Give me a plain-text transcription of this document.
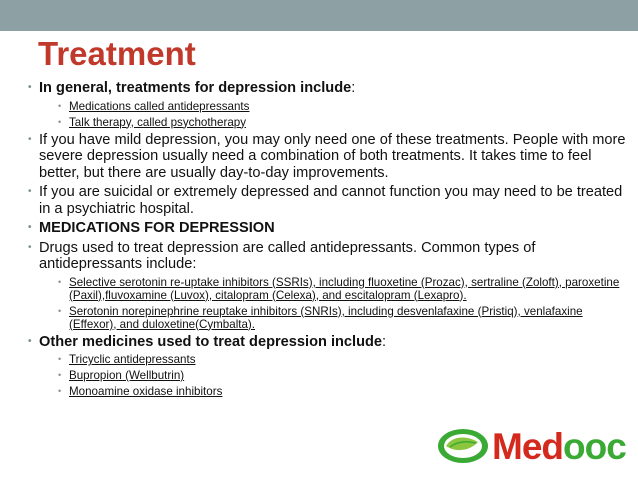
Treatment
• In general, treatments for depression include:
• Medications called antidepressants
• Talk therapy, called psychotherapy
• If you have mild depression, you may only need one of these treatments. People with more severe depression usually need a combination of both treatments. It takes time to feel better, but there are usually day-to-day improvements.
• If you are suicidal or extremely depressed and cannot function you may need to be treated in a psychiatric hospital.
• MEDICATIONS FOR DEPRESSION
• Drugs used to treat depression are called antidepressants. Common types of antidepressants include:
• Selective serotonin re-uptake inhibitors (SSRIs), including fluoxetine (Prozac), sertraline (Zoloft), paroxetine (Paxil),fluvoxamine (Luvox), citalopram (Celexa), and escitalopram (Lexapro).
• Serotonin norepinephrine reuptake inhibitors (SNRIs), including desvenlafaxine (Pristiq), venlafaxine (Effexor), and duloxetine(Cymbalta).
• Other medicines used to treat depression include:
• Tricyclic antidepressants
• Bupropion (Wellbutrin)
• Monoamine oxidase inhibitors
Medooc
